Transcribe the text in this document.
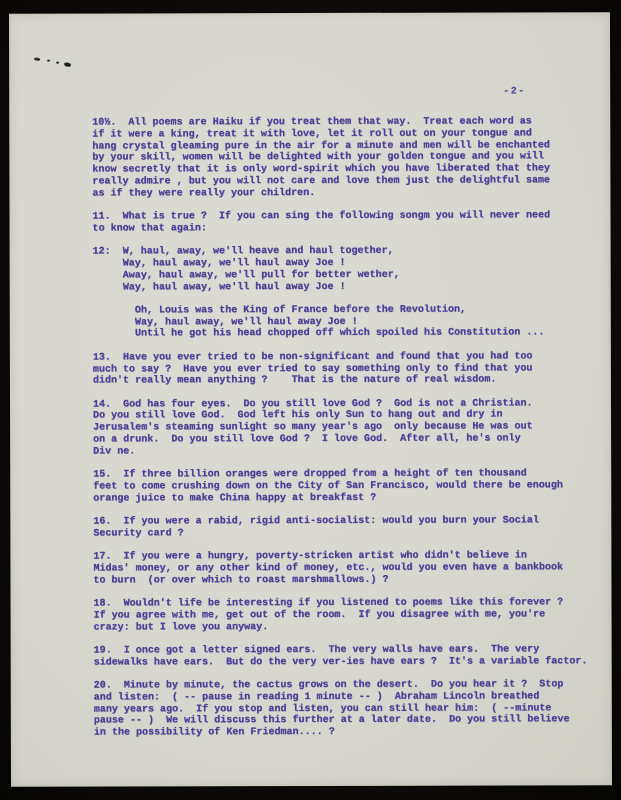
-2-

10½.  All poems are Haiku if you treat them that way.  Treat each word as
if it were a king, treat it with love, let it roll out on your tongue and
hang crystal gleaming pure in the air for a minute and men will be enchanted
by your skill, women will be delighted with your golden tongue and you will
know secretly that it is only word-spirit which you have liberated that they
really admire , but you will not care and love them just the delightful same
as if they were really your children.

11.  What is true ?  If you can sing the following songm you will never need
to know that again:

12:  W, haul, away, we'll heave and haul together,
Way, haul away, we'll haul away Joe !
Away, haul away, we'll pull for better wether,
Way, haul away, we'll haul away Joe !

Oh, Louis was the King of France before the Revolution,
Way, haul away, we'll haul away Joe !
Until he got his head chopped off which spoiled his Constitution ...

13.  Have you ever tried to be non-significant and found that you had too
much to say ?  Have you ever tried to say something only to find that you
didn't really mean anything ?    That is the nature of real wisdom.

14.  God has four eyes.  Do you still love God ?  God is not a Christian.
Do you still love God.  God left his only Sun to hang out and dry in
Jerusalem's steaming sunlight so many year's ago  only because He was out
on a drunk.  Do you still love God ?  I love God.  After all, he's only
Div ne.

15.  If three billion oranges were dropped from a height of ten thousand
feet to come crushing down on the City of San Francisco, would there be enough
orange juice to make China happy at breakfast ?

16.  If you were a rabid, rigid anti-socialist: would you burn your Social
Security card ?

17.  If you were a hungry, poverty-stricken artist who didn't believe in
Midas' money, or any other kind of money, etc., would you even have a bankbook
to burn  (or over which to roast marshmallows.) ?

18.  Wouldn't life be interesting if you listened to poems like this forever ?
If you agree with me, get out of the room.  If you disagree with me, you're
crazy: but I love you anyway.

19.  I once got a letter signed ears.  The very walls have ears.  The very
sidewalks have ears.  But do the very ver-ies have ears ?  It's a variable factor.

20.  Minute by minute, the cactus grows on the desert.  Do you hear it ?  Stop
and listen:  ( -- pause in reading 1 minute -- )  Abraham Lincoln breathed
many years ago.  If you stop and listen, you can still hear him:  ( --minute
pause -- )  We will discuss this further at a later date.  Do you still believe
in the possibility of Ken Friedman.... ?
